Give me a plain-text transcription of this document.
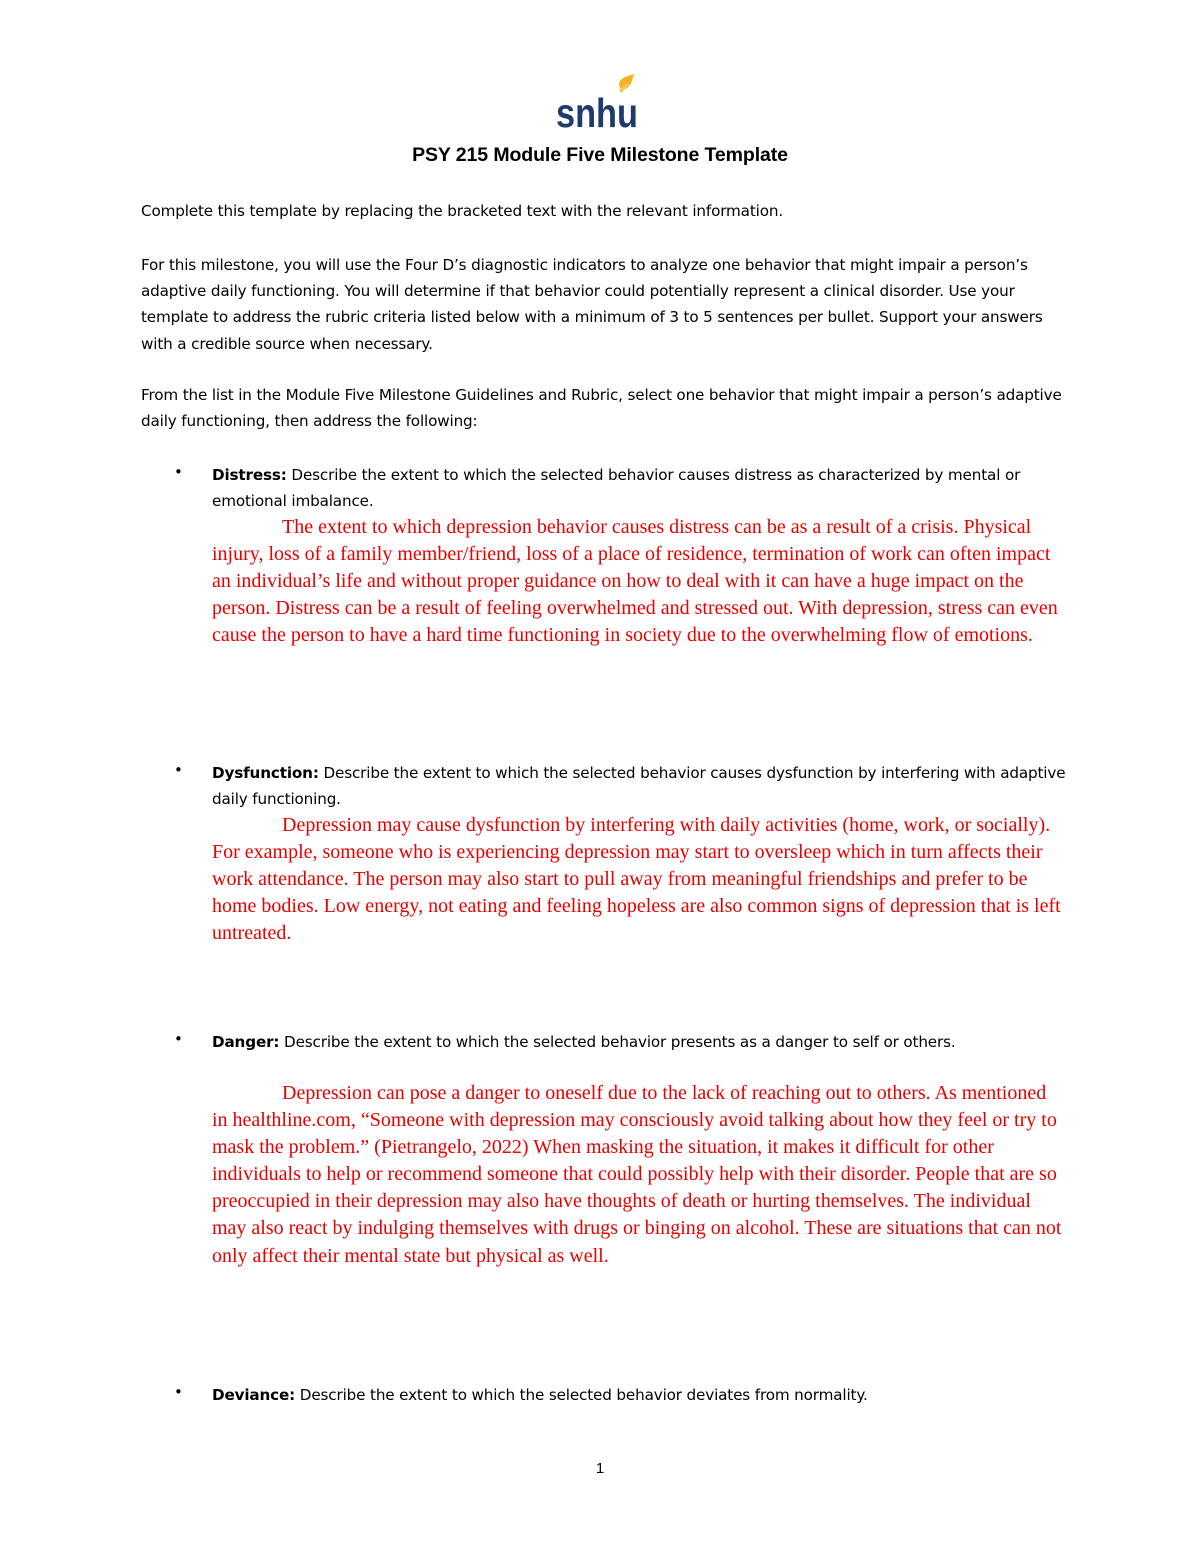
snhu
PSY 215 Module Five Milestone Template
Complete this template by replacing the bracketed text with the relevant information.
For this milestone, you will use the Four D’s diagnostic indicators to analyze one behavior that might impair a person’s adaptive daily functioning. You will determine if that behavior could potentially represent a clinical disorder. Use your template to address the rubric criteria listed below with a minimum of 3 to 5 sentences per bullet. Support your answers with a credible source when necessary.
From the list in the Module Five Milestone Guidelines and Rubric, select one behavior that might impair a person’s adaptive daily functioning, then address the following:
• Distress: Describe the extent to which the selected behavior causes distress as characterized by mental or emotional imbalance.
The extent to which depression behavior causes distress can be as a result of a crisis. Physical injury, loss of a family member/friend, loss of a place of residence, termination of work can often impact an individual’s life and without proper guidance on how to deal with it can have a huge impact on the person. Distress can be a result of feeling overwhelmed and stressed out. With depression, stress can even cause the person to have a hard time functioning in society due to the overwhelming flow of emotions.
• Dysfunction: Describe the extent to which the selected behavior causes dysfunction by interfering with adaptive daily functioning.
Depression may cause dysfunction by interfering with daily activities (home, work, or socially). For example, someone who is experiencing depression may start to oversleep which in turn affects their work attendance. The person may also start to pull away from meaningful friendships and prefer to be home bodies. Low energy, not eating and feeling hopeless are also common signs of depression that is left untreated.
• Danger: Describe the extent to which the selected behavior presents as a danger to self or others.
Depression can pose a danger to oneself due to the lack of reaching out to others. As mentioned in healthline.com, “Someone with depression may consciously avoid talking about how they feel or try to mask the problem.” (Pietrangelo, 2022) When masking the situation, it makes it difficult for other individuals to help or recommend someone that could possibly help with their disorder. People that are so preoccupied in their depression may also have thoughts of death or hurting themselves. The individual may also react by indulging themselves with drugs or binging on alcohol. These are situations that can not only affect their mental state but physical as well.
• Deviance: Describe the extent to which the selected behavior deviates from normality.
1
